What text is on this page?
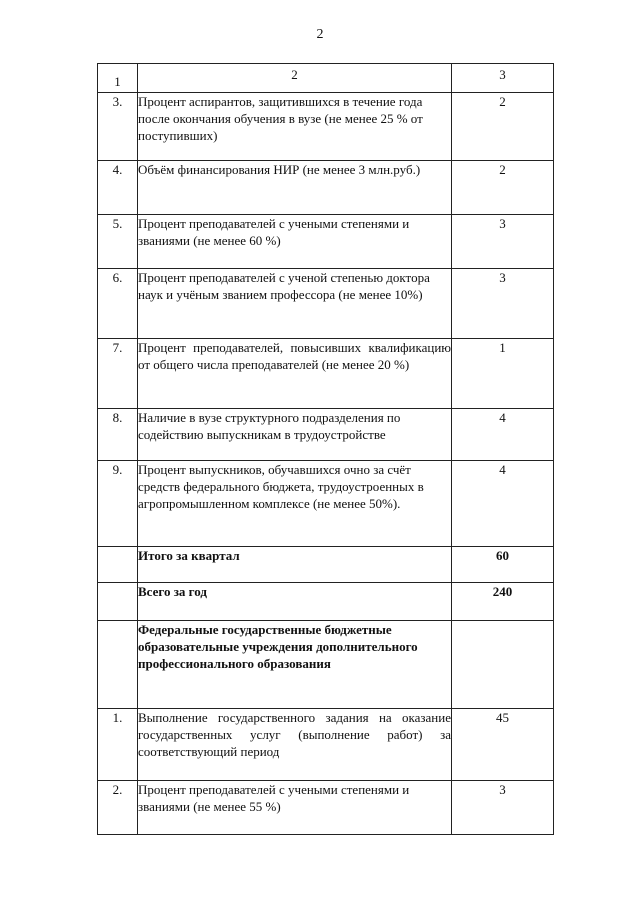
2
1	2	3
3.	Процент аспирантов, защитившихся в течение года после окончания обучения в вузе (не менее 25 % от поступивших)	2
4.	Объём финансирования НИР (не менее 3 млн.руб.)	2
5.	Процент преподавателей с учеными степенями и званиями (не менее 60 %)	3
6.	Процент преподавателей с ученой степенью доктора наук и учёным званием профессора (не менее 10%)	3
7.	Процент преподавателей, повысивших квалификацию от общего числа преподавателей (не менее 20 %)	1
8.	Наличие в вузе структурного подразделения по содействию выпускникам в трудоустройстве	4
9.	Процент выпускников, обучавшихся очно за счёт средств федерального бюджета, трудоустроенных в агропромышленном комплексе (не менее 50%).	4
	Итого за квартал	60
	Всего за год	240
	Федеральные государственные бюджетные образовательные учреждения дополнительного профессионального образования	
1.	Выполнение государственного задания на оказание государственных услуг (выполнение работ) за соответствующий период	45
2.	Процент преподавателей с учеными степенями и званиями (не менее 55 %)	3
